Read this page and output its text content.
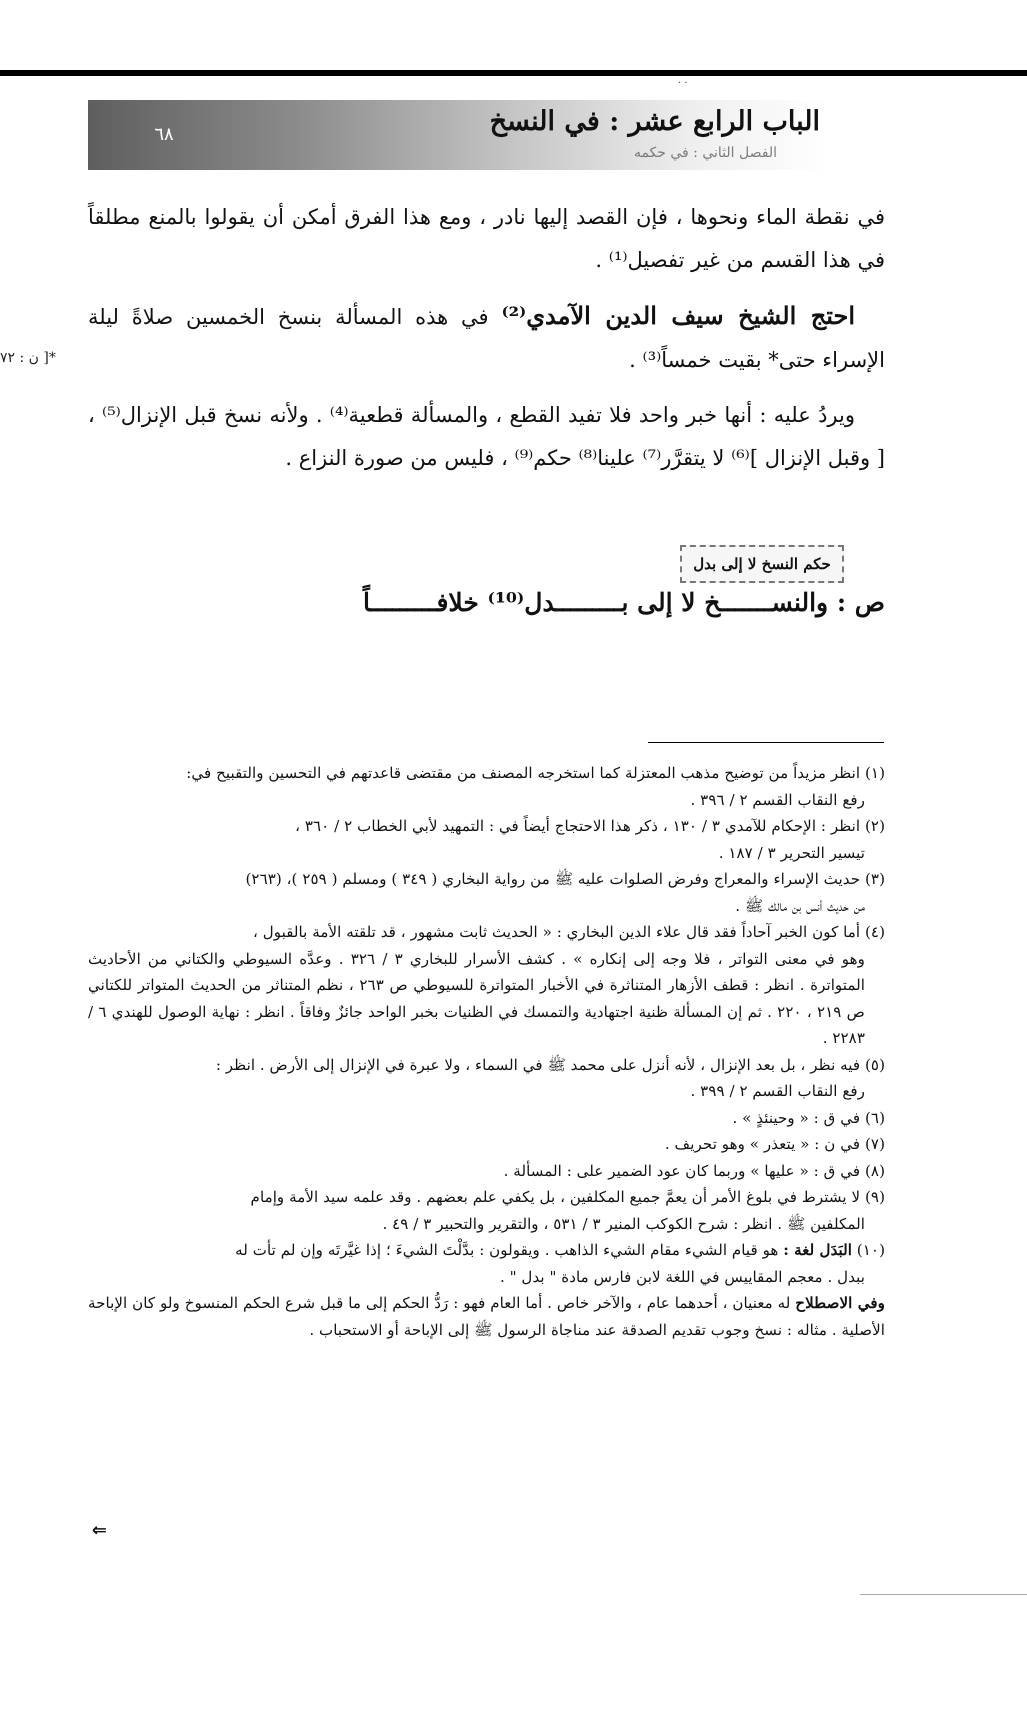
· ·
٦٨	الباب الرابع عشر : في النسخ
الفصل الثاني : في حكمه
*[ ن : ٧٢

في نقطة الماء ونحوها ، فإن القصد إليها نادر ، ومع هذا الفرق أمكن أن يقولوا بالمنع مطلقاً في هذا القسم من غير تفصيل⁽¹⁾ .

احتج الشيخ سيف الدين الآمدي⁽²⁾ في هذه المسألة بنسخ الخمسين صلاةً ليلة الإسراء حتى* بقيت خمساً⁽³⁾ .

ويردُ عليه : أنها خبر واحد فلا تفيد القطع ، والمسألة قطعية⁽⁴⁾ . ولأنه نسخ قبل الإنزال⁽⁵⁾ ، [ وقبل الإنزال ]⁽⁶⁾ لا يتقرَّر⁽⁷⁾ علينا⁽⁸⁾ حكم⁽⁹⁾ ، فليس من صورة النزاع .

حكم النسخ لا إلى بدل
ص : والنســـــــخ لا إلى بـــــــــدل⁽¹⁰⁾ خلافـــــــــاً
(١) انظر مزيداً من توضيح مذهب المعتزلة كما استخرجه المصنف من مقتضى قاعدتهم في التحسين والتقبيح في:
رفع النقاب القسم ٢ / ٣٩٦ .
(٢) انظر : الإحكام للآمدي ٣ / ١٣٠ ، ذكر هذا الاحتجاج أيضاً في : التمهيد لأبي الخطاب ٢ / ٣٦٠ ،
تيسير التحرير ٣ / ١٨٧ .
(٣) حديث الإسراء والمعراج وفرض الصلوات عليه ﷺ من رواية البخاري ( ٣٤٩ ) ومسلم ( ٢٥٩ )، (٢٦٣)
من حديث أنس بن مالك ﷺ .
(٤) أما كون الخبر آحاداً فقد قال علاء الدين البخاري : « الحديث ثابت مشهور ، قد تلقته الأمة بالقبول ،
وهو في معنى التواتر ، فلا وجه إلى إنكاره » . كشف الأسرار للبخاري ٣ / ٣٢٦ . وعدَّه السيوطي والكتاني من الأحاديث المتواترة . انظر : قطف الأزهار المتناثرة في الأخبار المتواترة للسيوطي ص ٢٦٣ ، نظم المتناثر من الحديث المتواتر للكتاني ص ٢١٩ ، ٢٢٠ . ثم إن المسألة ظنية اجتهادية والتمسك في الظنيات بخبر الواحد جائزٌ وفاقاً . انظر : نهاية الوصول للهندي ٦ / ٢٢٨٣ .
(٥) فيه نظر ، بل بعد الإنزال ، لأنه أنزل على محمد ﷺ في السماء ، ولا عبرة في الإنزال إلى الأرض . انظر :
رفع النقاب القسم ٢ / ٣٩٩ .
(٦) في ق : « وحينئذٍ » .
(٧) في ن : « يتعذر » وهو تحريف .
(٨) في ق : « عليها » وربما كان عود الضمير على : المسألة .
(٩) لا يشترط في بلوغ الأمر أن يعمَّ جميع المكلفين ، بل يكفي علم بعضهم . وقد علمه سيد الأمة وإمام
المكلفين ﷺ . انظر : شرح الكوكب المنير ٣ / ٥٣١ ، والتقرير والتحبير ٣ / ٤٩ .
(١٠) البَدَل لغة : هو قيام الشيء مقام الشيء الذاهب . ويقولون : بدَّلْتَ الشيءَ ؛ إذا غيَّرتَه وإن لم تأت له
ببدل . معجم المقاييس في اللغة لابن فارس مادة " بدل " .
وفي الاصطلاح له معنيان ، أحدهما عام ، والآخر خاص . أما العام فهو : رَدُّ الحكم إلى ما قبل شرع الحكم المنسوخ ولو كان الإباحة الأصلية . مثاله : نسخ وجوب تقديم الصدقة عند مناجاة الرسول ﷺ إلى الإباحة أو الاستحباب .
⇐
